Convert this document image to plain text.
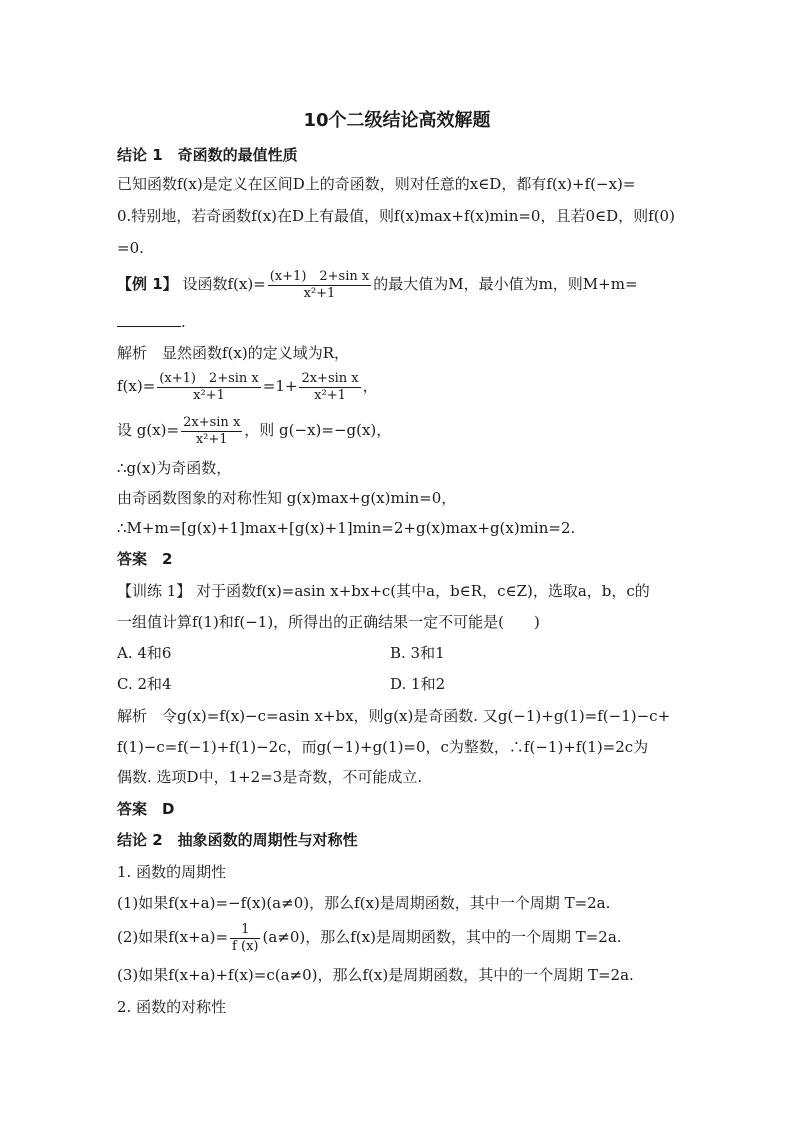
10个二级结论高效解题
结论 1　奇函数的最值性质
已知函数f(x)是定义在区间D上的奇函数，则对任意的x∈D，都有f(x)+f(−x)=
0.特别地，若奇函数f(x)在D上有最值，则f(x)max+f(x)min=0，且若0∈D，则f(0)
=0.
【例 1】 设函数$f(x)= \frac{\text{(x+1)　2+sin x}}{\text{x²+1}}$ 的最大值为M，最小值为m，则M+m=
.
解析　显然函数f(x)的定义域为R，
$f(x)= \frac{\text{(x+1)　2+sin x}}{\text{x²+1}} =1+ \frac{\text{2x+sin x}}{\text{x²+1}}$ ，
设 $g(x)= \frac{\text{2x+sin x}}{\text{x²+1}}$ ，则 g(−x)=−g(x)，
∴g(x)为奇函数，
由奇函数图象的对称性知 g(x)max+g(x)min=0，
∴M+m=[g(x)+1]max+[g(x)+1]min=2+g(x)max+g(x)min=2.
答案　2
【训练 1】 对于函数f(x)=asin x+bx+c(其中a，b∈R，c∈Z)，选取a，b，c的
一组值计算f(1)和f(−1)，所得出的正确结果一定不可能是(　　)
A. 4和6	B. 3和1
C. 2和4	D. 1和2
解析　令g(x)=f(x)−c=asin x+bx，则g(x)是奇函数. 又g(−1)+g(1)=f(−1)−c+
f(1)−c=f(−1)+f(1)−2c，而g(−1)+g(1)=0，c为整数，∴f(−1)+f(1)=2c为
偶数. 选项D中，1+2=3是奇数，不可能成立.
答案　D
结论 2　抽象函数的周期性与对称性
1. 函数的周期性
(1)如果f(x+a)=−f(x)(a≠0)，那么f(x)是周期函数，其中一个周期 T=2a.
(2)如果$f(x+a)= \frac{1}{f (x)} (a\ne 0)$，那么f(x)是周期函数，其中的一个周期 T=2a.
(3)如果f(x+a)+f(x)=c(a≠0)，那么f(x)是周期函数，其中的一个周期 T=2a.
2. 函数的对称性
